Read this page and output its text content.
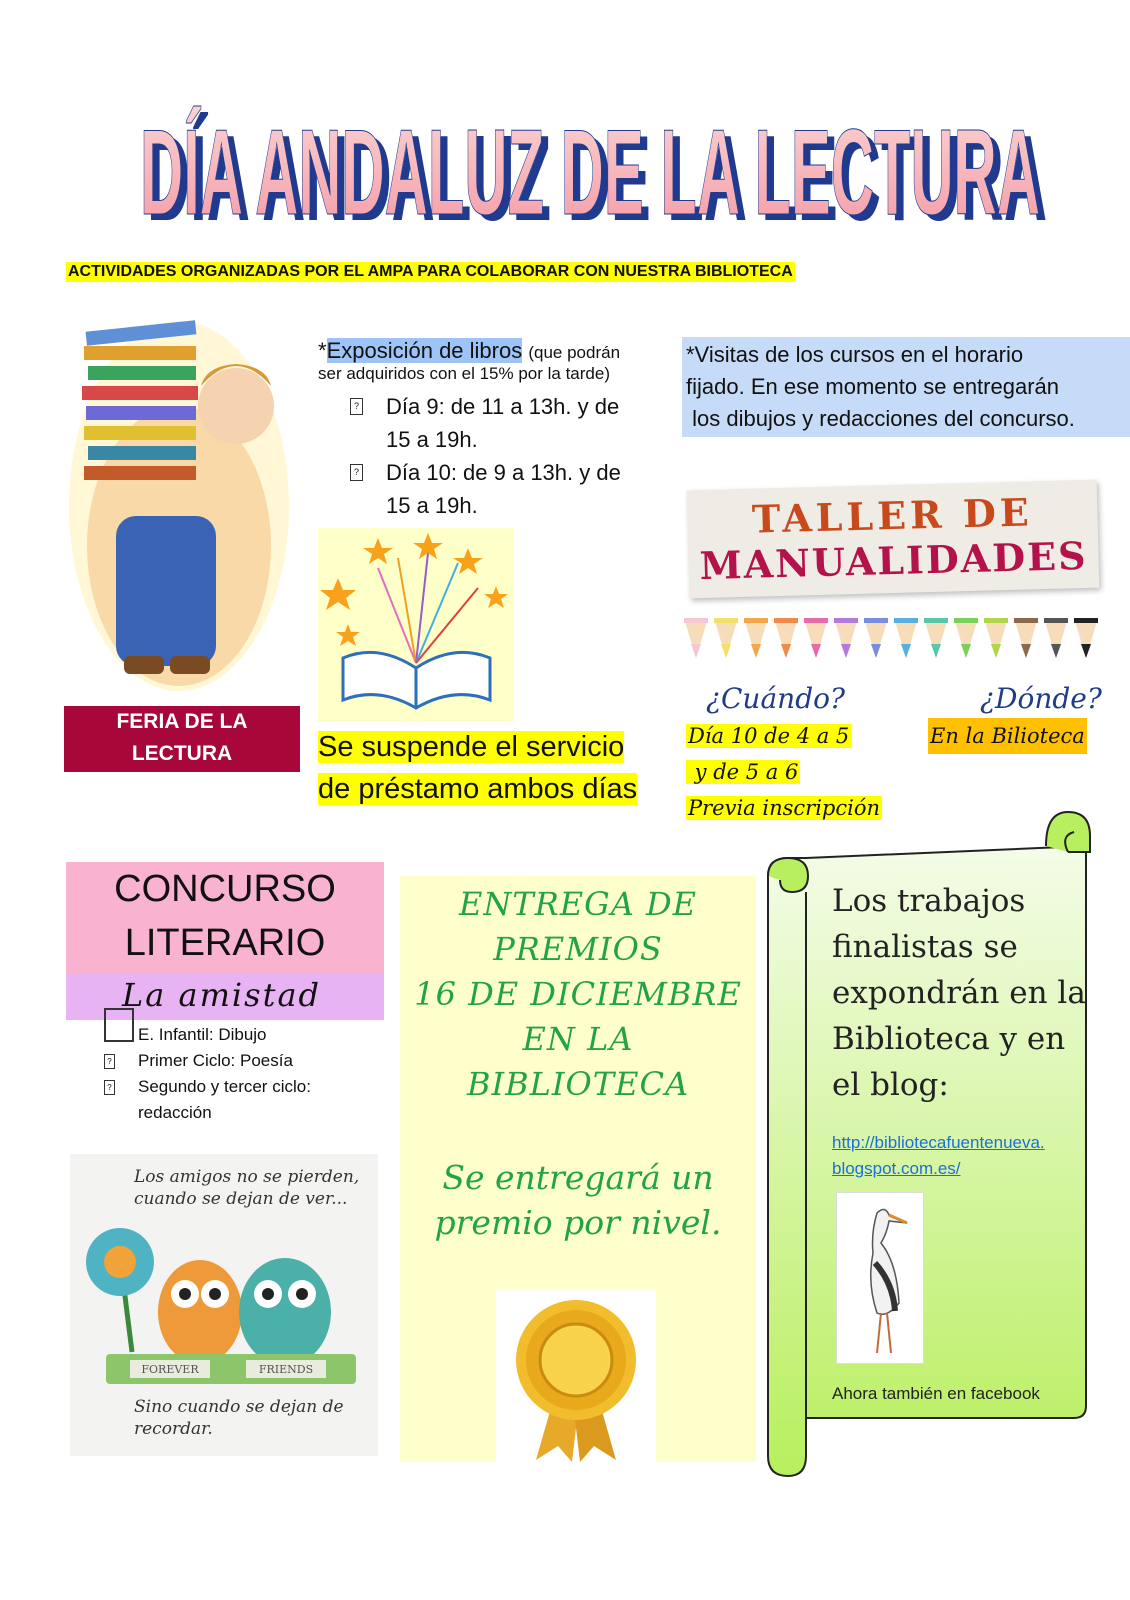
DÍA ANDALUZ DE LA LECTURA
DÍA ANDALUZ DE LA LECTURA
ACTIVIDADES ORGANIZADAS POR EL AMPA PARA COLABORAR CON NUESTRA BIBLIOTECA
FERIA DE LA
LECTURA
*Exposición de libros (que podrán
ser adquiridos con el 15% por la tarde)
? Día 9: de 11 a 13h. y de
15 a 19h.
? Día 10: de 9 a 13h. y de
15 a 19h.
Se suspende el servicio
de préstamo ambos días
*Visitas de los cursos en el horario
fijado. En ese momento se entregarán
los dibujos y redacciones del concurso.
TALLER DE
MANUALIDADES
¿Cuándo?	¿Dónde?
Día 10 de 4 a 5
y de 5 a 6
Previa inscripción
En la Bilioteca
CONCURSO
LITERARIO
La amistad
E. Infantil: Dibujo
? Primer Ciclo: Poesía
? Segundo y tercer ciclo:
redacción
Los amigos no se pierden,
cuando se dejan de ver...
FOREVER	FRIENDS
Sino cuando se dejan de
recordar.
ENTREGA DE
PREMIOS
16 DE DICIEMBRE
EN LA
BIBLIOTECA
Se entregará un
premio por nivel.
Los trabajos
finalistas se
expondrán en la
Biblioteca y en
el blog:
http://bibliotecafuentenueva.
blogspot.com.es/
Ahora también en facebook
